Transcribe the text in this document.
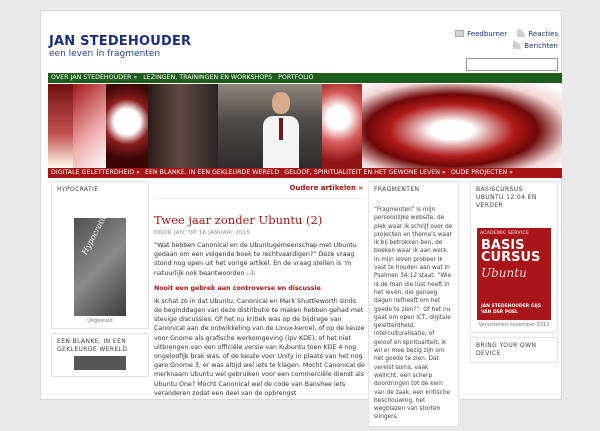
JAN STEDEHOUDER
een leven in fragmenten
Feedburner	Reacties
Berichten
OVER JAN STEDEHOUDER » LEZINGEN, TRAININGEN EN WORKSHOPS PORTFOLIO
DIGITALE GELETTERDHEID » EEN BLANKE, IN EEN GEKLEURDE WERELD GELOOF, SPIRITUALITEIT EN HET GEWONE LEVEN » OUDE PROJECTEN »
HYPOCRATIE
Hypocratie
Uitgesteld
EEN BLANKE, IN EEN GEKLEURDE WERELD
Oudere artikelen »
Twee jaar zonder Ubuntu (2)
DOOR JAN, OP 16 JANUARI 2015
“Wat hebben Canonical en de Ubuntugemeenschap met Ubuntu gedaan om een volgende boek te rechtvaardigen?” Deze vraag stond nog open uit het vorige artikel. En de vraag stellen is ‘m natuurlijk ook beantwoorden :-).
Nooit een gebrek aan controverse en discussie
Ik schat zo in dat Ubuntu, Canonical en Mark Shuttleworth sinds de beginddagen van deze distributie te maken hebben gehad met stevige discussies. Of het nu kritiek was op de bijdrage van Canonical aan de ontwikkeling van de Linux-kernel, of op de keuze voor Gnome als grafische werkomgeving (ipv KDE), of het niet uitbrengen van een officiële versie van Kubuntu toen KDE 4 nog ongeloofijk brak was, of de keuze voor Unity in plaats van het nog gare Gnome 3, er was altijd wel iets te klagen. Mocht Canonical de merknaam Ubuntu wel gebruiken voor een commerciële dienst als Ubuntu One? Mocht Canonical wel de code van Banshee iets veranderen zodat een deel van de opbrengst
FRAGMENTEN
“Fragmenten” is mijn persoonlijke website, de plek waar ik schrijf over de projecten en thema’s waar ik bij betrokken ben, de boeken waar ik aan werk. In mijn leven probeer ik vast te houden aan wat in Psalmen 34:12 staat: “Wie is de man die lust heeft in het leven, die genoeg dagen liefheeft om het goede te zien?”. Of het nu gaat om open ICT, digitale geletterdheid, interculturalisatie, of geloof en spiritualiteit, ik wil er mee bezig zijn om het goede te zien. Dat vereist soms, vaak wellicht, een scherp doordringen tot de kern van de zaak, een kritische beschouwing, het wegblazen van storten slingers.
BASISCURSUS UBUNTU 12.04 EN VERDER
ACADEMIC SERVICE
BASIS CURSUS
Ubuntu
JAN STEDEHOUDER GIJS VAN DER POEL
Verschenen november 2012
BRING YOUR OWN DEVICE
